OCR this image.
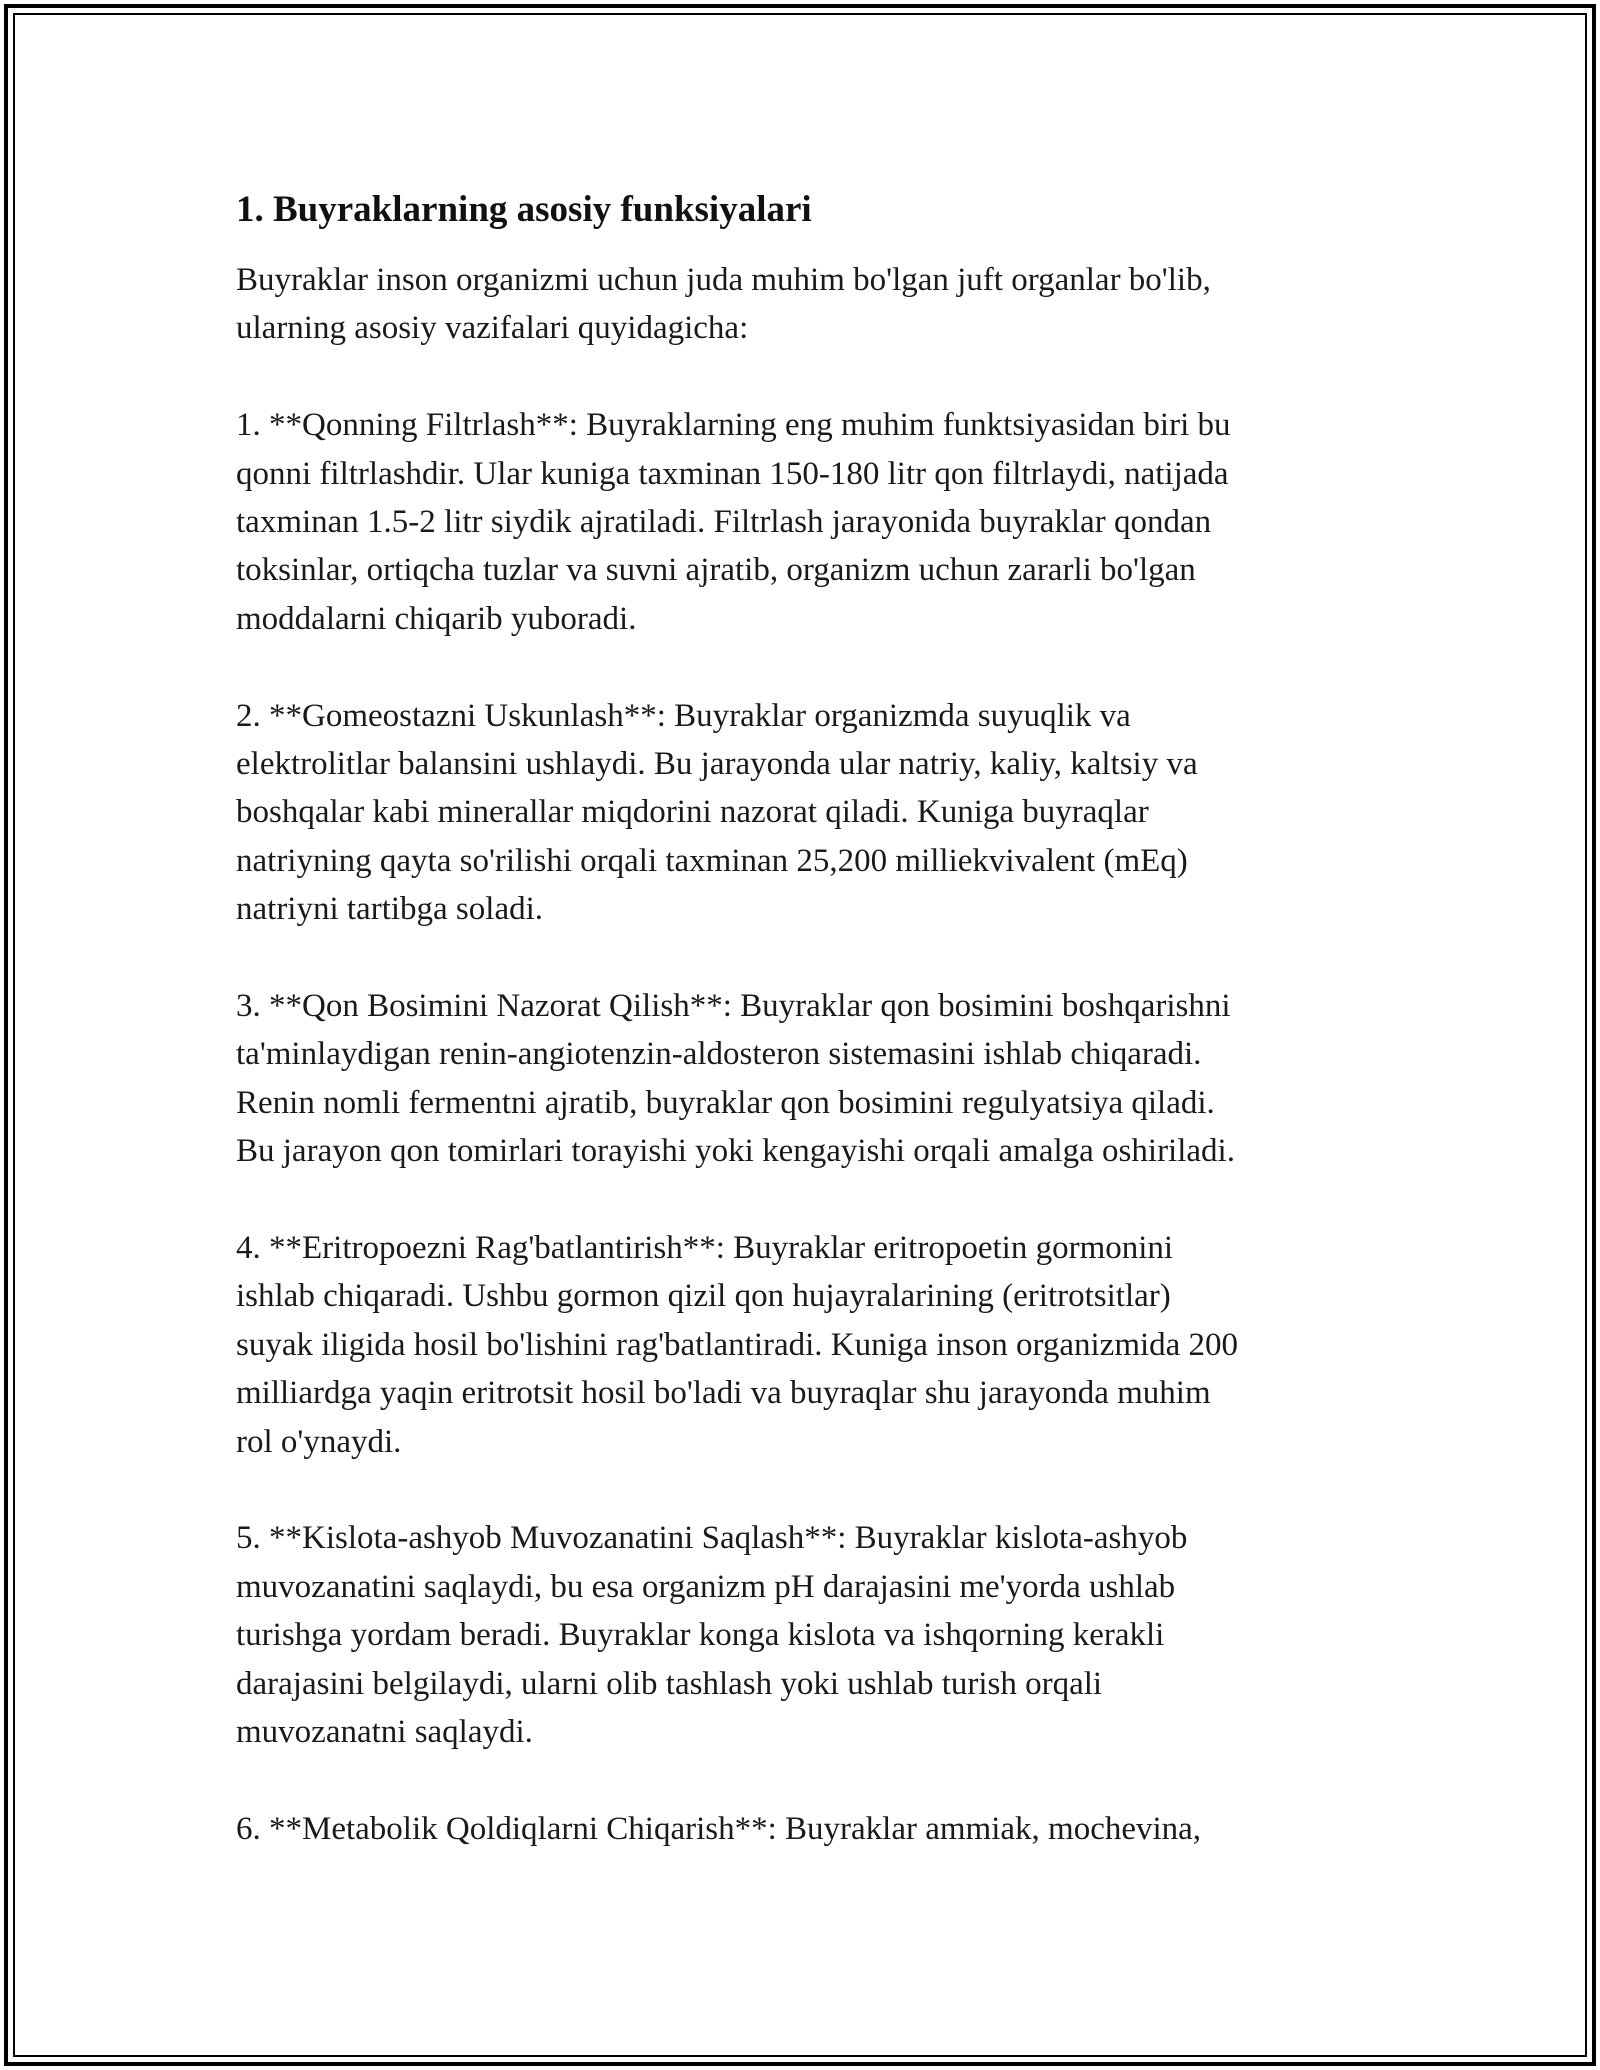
1. Buyraklarning asosiy funksiyalari

Buyraklar inson organizmi uchun juda muhim bo'lgan juft organlar bo'lib,
ularning asosiy vazifalari quyidagicha:

1. **Qonning Filtrlash**: Buyraklarning eng muhim funktsiyasidan biri bu
qonni filtrlashdir. Ular kuniga taxminan 150-180 litr qon filtrlaydi, natijada
taxminan 1.5-2 litr siydik ajratiladi. Filtrlash jarayonida buyraklar qondan
toksinlar, ortiqcha tuzlar va suvni ajratib, organizm uchun zararli bo'lgan
moddalarni chiqarib yuboradi.

2. **Gomeostazni Uskunlash**: Buyraklar organizmda suyuqlik va
elektrolitlar balansini ushlaydi. Bu jarayonda ular natriy, kaliy, kaltsiy va
boshqalar kabi minerallar miqdorini nazorat qiladi. Kuniga buyraqlar
natriyning qayta so'rilishi orqali taxminan 25,200 milliekvivalent (mEq)
natriyni tartibga soladi.

3. **Qon Bosimini Nazorat Qilish**: Buyraklar qon bosimini boshqarishni
ta'minlaydigan renin-angiotenzin-aldosteron sistemasini ishlab chiqaradi.
Renin nomli fermentni ajratib, buyraklar qon bosimini regulyatsiya qiladi.
Bu jarayon qon tomirlari torayishi yoki kengayishi orqali amalga oshiriladi.

4. **Eritropoezni Rag'batlantirish**: Buyraklar eritropoetin gormonini
ishlab chiqaradi. Ushbu gormon qizil qon hujayralarining (eritrotsitlar)
suyak iligida hosil bo'lishini rag'batlantiradi. Kuniga inson organizmida 200
milliardga yaqin eritrotsit hosil bo'ladi va buyraqlar shu jarayonda muhim
rol o'ynaydi.

5. **Kislota-ashyob Muvozanatini Saqlash**: Buyraklar kislota-ashyob
muvozanatini saqlaydi, bu esa organizm pH darajasini me'yorda ushlab
turishga yordam beradi. Buyraklar konga kislota va ishqorning kerakli
darajasini belgilaydi, ularni olib tashlash yoki ushlab turish orqali
muvozanatni saqlaydi.

6. **Metabolik Qoldiqlarni Chiqarish**: Buyraklar ammiak, mochevina,
